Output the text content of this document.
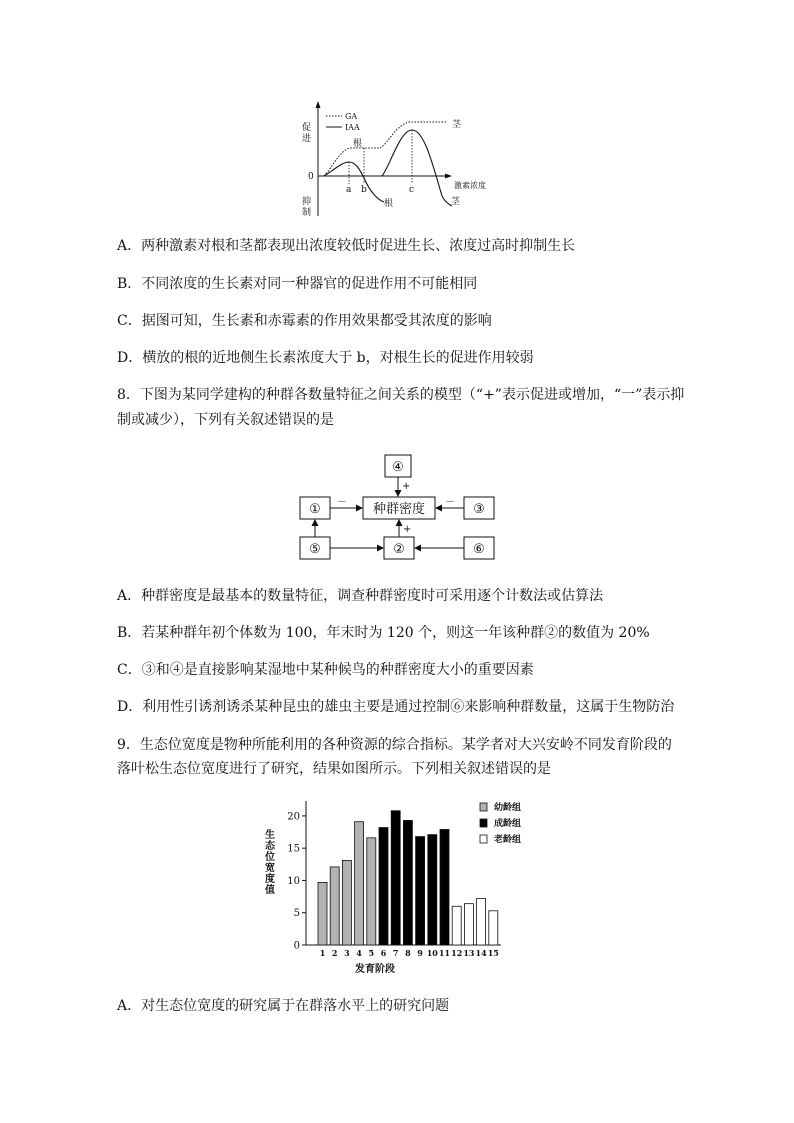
促
进
0
抑
制
GA
IAA
根
茎
a b	c	激素浓度
根	茎
A．两种激素对根和茎都表现出浓度较低时促进生长、浓度过高时抑制生长
B．不同浓度的生长素对同一种器官的促进作用不可能相同
C．据图可知，生长素和赤霉素的作用效果都受其浓度的影响
D．横放的根的近地侧生长素浓度大于 b，对根生长的促进作用较弱
8．下图为某同学建构的种群各数量特征之间关系的模型（“+”表示促进或增加，“一”表示抑
制或减少），下列有关叙述错误的是
④
种群密度
①	③
⑤	②	⑥
+
－	－
+
A．种群密度是最基本的数量特征，调查种群密度时可采用逐个计数法或估算法
B．若某种群年初个体数为 100，年末时为 120 个，则这一年该种群②的数值为 20%
C．③和④是直接影响某湿地中某种候鸟的种群密度大小的重要因素
D．利用性引诱剂诱杀某种昆虫的雄虫主要是通过控制⑥来影响种群数量，这属于生物防治
9．生态位宽度是物种所能利用的各种资源的综合指标。某学者对大兴安岭不同发育阶段的
落叶松生态位宽度进行了研究，结果如图所示。下列相关叙述错误的是
生
态
位
宽
度
值
0
5
10
15
20
1 2 3 4 5 6 7 8 9 10 11 12 13 14 15
幼龄组
成龄组
老龄组
发育阶段
A．对生态位宽度的研究属于在群落水平上的研究问题
